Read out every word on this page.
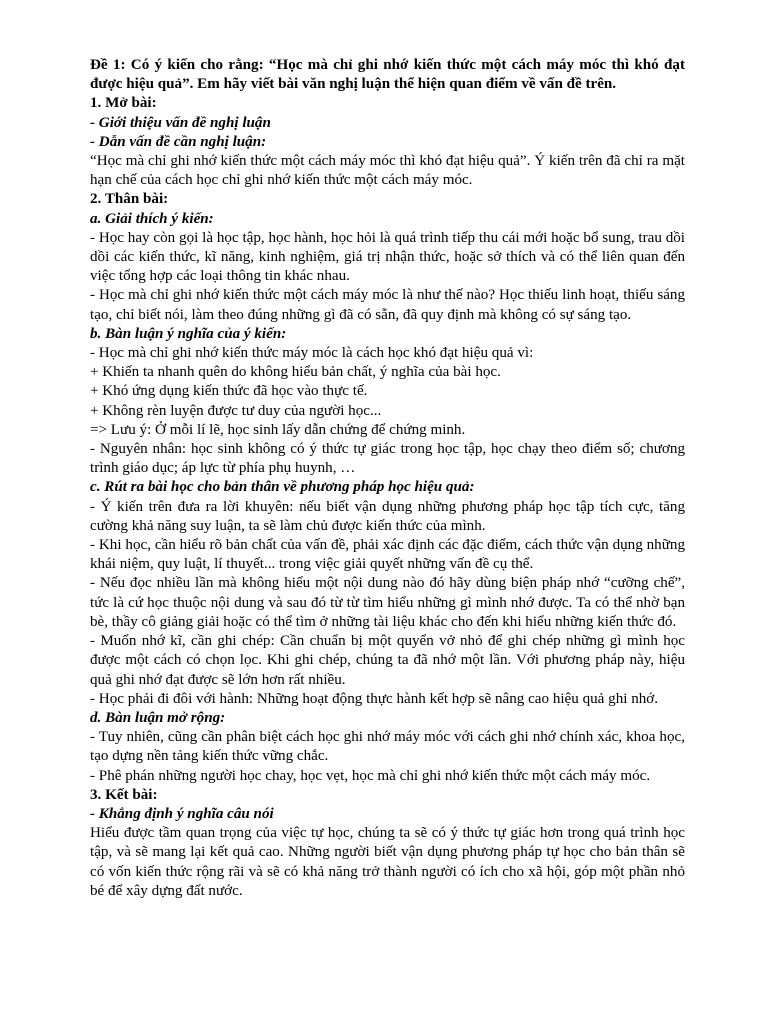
Đề 1: Có ý kiến cho rằng: “Học mà chỉ ghi nhớ kiến thức một cách máy móc thì khó đạt được hiệu quả”. Em hãy viết bài văn nghị luận thể hiện quan điểm về vấn đề trên.

1. Mở bài:

- Giới thiệu vấn đề nghị luận

- Dẫn vấn đề cần nghị luận:

“Học mà chỉ ghi nhớ kiến thức một cách máy móc thì khó đạt hiệu quả”. Ý kiến trên đã chỉ ra mặt hạn chế của cách học chỉ ghi nhớ kiến thức một cách máy móc.

2. Thân bài:

a. Giải thích ý kiến:

- Học hay còn gọi là học tập, học hành, học hỏi là quá trình tiếp thu cái mới hoặc bổ sung, trau dồi dồi các kiến thức, kĩ năng, kinh nghiệm, giá trị nhận thức, hoặc sở thích và có thể liên quan đến việc tổng hợp các loại thông tin khác nhau.

- Học mà chỉ ghi nhớ kiến thức một cách máy móc là như thế nào? Học thiếu linh hoạt, thiếu sáng tạo, chỉ biết nói, làm theo đúng những gì đã có sẵn, đã quy định mà không có sự sáng tạo.

b. Bàn luận ý nghĩa của ý kiến:

- Học mà chỉ ghi nhớ kiến thức máy móc là cách học khó đạt hiệu quả vì:

+ Khiến ta nhanh quên do không hiểu bản chất, ý nghĩa của bài học.

+ Khó ứng dụng kiến thức đã học vào thực tế.

+ Không rèn luyện được tư duy của người học...

=> Lưu ý: Ở mỗi lí lẽ, học sinh lấy dẫn chứng để chứng minh.

- Nguyên nhân: học sinh không có ý thức tự giác trong học tập, học chạy theo điểm số; chương trình giáo dục; áp lực từ phía phụ huynh, …

c. Rút ra bài học cho bản thân về phương pháp học hiệu quả:

- Ý kiến trên đưa ra lời khuyên: nếu biết vận dụng những phương pháp học tập tích cực, tăng cường khả năng suy luận, ta sẽ làm chủ được kiến thức của mình.

- Khi học, cần hiểu rõ bản chất của vấn đề, phải xác định các đặc điểm, cách thức vận dụng những khái niệm, quy luật, lí thuyết... trong việc giải quyết những vấn đề cụ thể.

- Nếu đọc nhiều lần mà không hiểu một nội dung nào đó hãy dùng biện pháp nhớ “cưỡng chế”, tức là cứ học thuộc nội dung và sau đó từ từ tìm hiểu những gì mình nhớ được. Ta có thể nhờ bạn bè, thầy cô giảng giải hoặc có thể tìm ở những tài liệu khác cho đến khi hiểu những kiến thức đó.

- Muốn nhớ kĩ, cần ghi chép: Cần chuẩn bị một quyển vở nhỏ để ghi chép những gì mình học được một cách có chọn lọc. Khi ghi chép, chúng ta đã nhớ một lần. Với phương pháp này, hiệu quả ghi nhớ đạt được sẽ lớn hơn rất nhiều.

- Học phải đi đôi với hành: Những hoạt động thực hành kết hợp sẽ nâng cao hiệu quả ghi nhớ.

d. Bàn luận mở rộng:

- Tuy nhiên, cũng cần phân biệt cách học ghi nhớ máy móc với cách ghi nhớ chính xác, khoa học, tạo dựng nền tảng kiến thức vững chắc.

- Phê phán những người học chay, học vẹt, học mà chỉ ghi nhớ kiến thức một cách máy móc.

3. Kết bài:

- Khẳng định ý nghĩa câu nói

Hiểu được tầm quan trọng của việc tự học, chúng ta sẽ có ý thức tự giác hơn trong quá trình học tập, và sẽ mang lại kết quả cao. Những người biết vận dụng phương pháp tự học cho bản thân sẽ có vốn kiến thức rộng rãi và sẽ có khả năng trở thành người có ích cho xã hội, góp một phần nhỏ bé để xây dựng đất nước.
